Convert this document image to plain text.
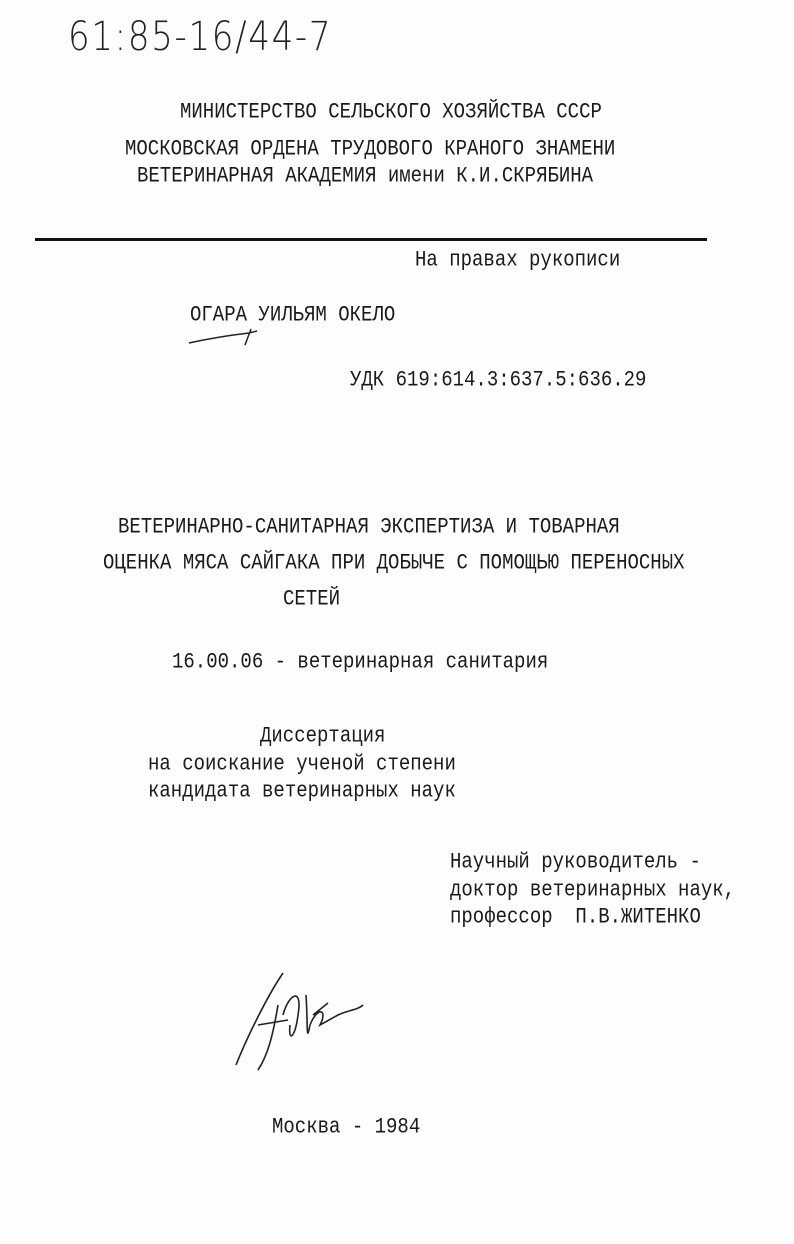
61:85-16/44-7
МИНИСТЕРСТВО СЕЛЬСКОГО ХОЗЯЙСТВА СССР
МОСКОВСКАЯ ОРДЕНА ТРУДОВОГО КРАНОГО ЗНАМЕНИ
ВЕТЕРИНАРНАЯ АКАДЕМИЯ имени К.И.СКРЯБИНА
На правах рукописи
ОГАРА УИЛЬЯМ ОКЕЛО
УДК 619:614.3:637.5:636.29
ВЕТЕРИНАРНО-САНИТАРНАЯ ЭКСПЕРТИЗА И ТОВАРНАЯ
ОЦЕНКА МЯСА САЙГАКА ПРИ ДОБЫЧЕ С ПОМОЩЬЮ ПЕРЕНОСНЫХ
СЕТЕЙ
16.00.06 - ветеринарная санитария
Диссертация
на соискание ученой степени
кандидата ветеринарных наук
Научный руководитель -
доктор ветеринарных наук,
профессор  П.В.ЖИТЕНКО
Москва - 1984
